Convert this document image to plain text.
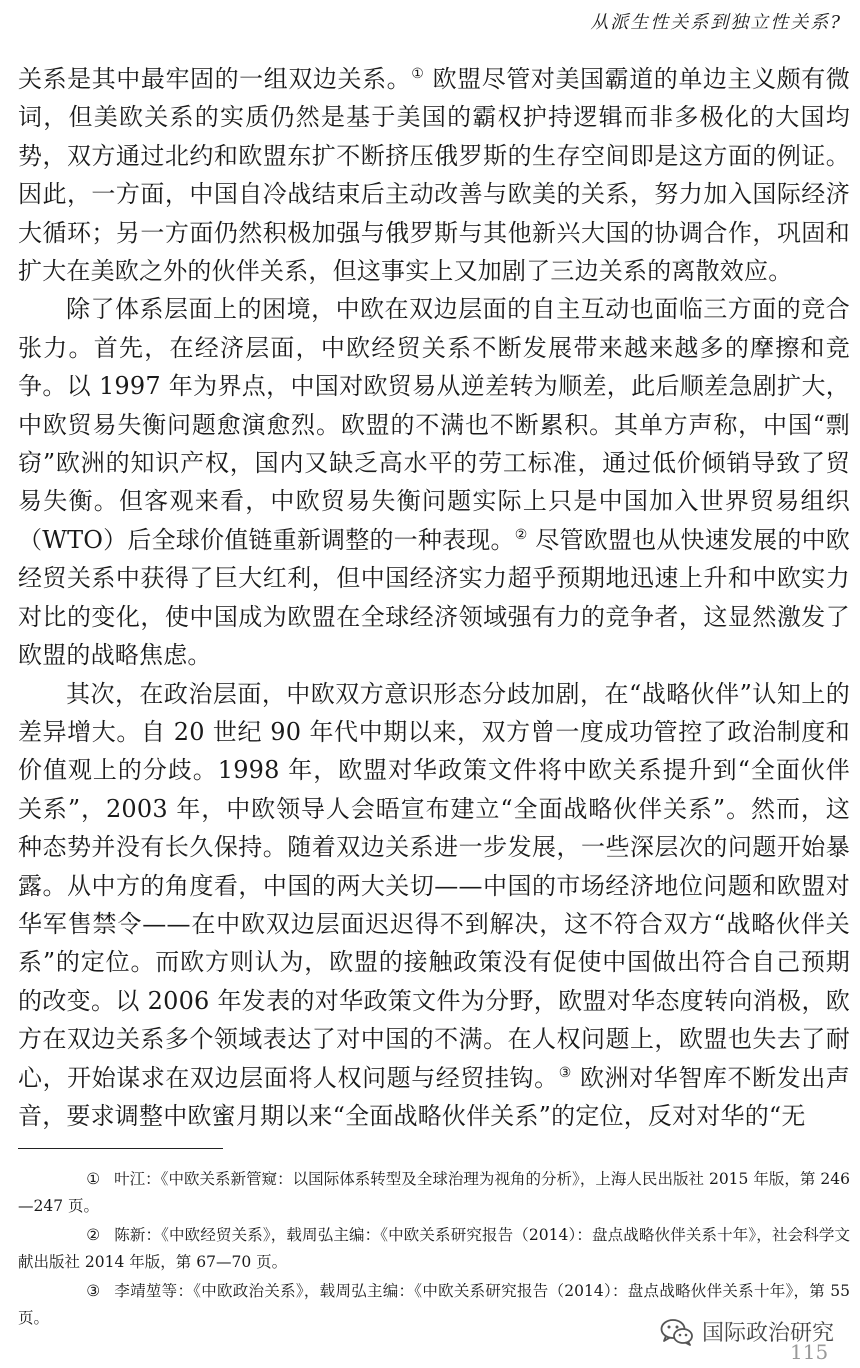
从派生性关系到独立性关系?

关系是其中最牢固的一组双边关系。① 欧盟尽管对美国霸道的单边主义颇有微词，但美欧关系的实质仍然是基于美国的霸权护持逻辑而非多极化的大国均势，双方通过北约和欧盟东扩不断挤压俄罗斯的生存空间即是这方面的例证。因此，一方面，中国自冷战结束后主动改善与欧美的关系，努力加入国际经济大循环；另一方面仍然积极加强与俄罗斯与其他新兴大国的协调合作，巩固和扩大在美欧之外的伙伴关系，但这事实上又加剧了三边关系的离散效应。

除了体系层面上的困境，中欧在双边层面的自主互动也面临三方面的竞合张力。首先，在经济层面，中欧经贸关系不断发展带来越来越多的摩擦和竞争。以 1997 年为界点，中国对欧贸易从逆差转为顺差，此后顺差急剧扩大，中欧贸易失衡问题愈演愈烈。欧盟的不满也不断累积。其单方声称，中国“剽窃”欧洲的知识产权，国内又缺乏高水平的劳工标准，通过低价倾销导致了贸易失衡。但客观来看，中欧贸易失衡问题实际上只是中国加入世界贸易组织（WTO）后全球价值链重新调整的一种表现。② 尽管欧盟也从快速发展的中欧经贸关系中获得了巨大红利，但中国经济实力超乎预期地迅速上升和中欧实力对比的变化，使中国成为欧盟在全球经济领域强有力的竞争者，这显然激发了欧盟的战略焦虑。

其次，在政治层面，中欧双方意识形态分歧加剧，在“战略伙伴”认知上的差异增大。自 20 世纪 90 年代中期以来，双方曾一度成功管控了政治制度和价值观上的分歧。1998 年，欧盟对华政策文件将中欧关系提升到“全面伙伴关系”，2003 年，中欧领导人会晤宣布建立“全面战略伙伴关系”。然而，这种态势并没有长久保持。随着双边关系进一步发展，一些深层次的问题开始暴露。从中方的角度看，中国的两大关切——中国的市场经济地位问题和欧盟对华军售禁令——在中欧双边层面迟迟得不到解决，这不符合双方“战略伙伴关系”的定位。而欧方则认为，欧盟的接触政策没有促使中国做出符合自己预期的改变。以 2006 年发表的对华政策文件为分野，欧盟对华态度转向消极，欧方在双边关系多个领域表达了对中国的不满。在人权问题上，欧盟也失去了耐心，开始谋求在双边层面将人权问题与经贸挂钩。③ 欧洲对华智库不断发出声音，要求调整中欧蜜月期以来“全面战略伙伴关系”的定位，反对对华的“无

① 叶江：《中欧关系新管窥：以国际体系转型及全球治理为视角的分析》，上海人民出版社 2015 年版，第 246—247 页。

② 陈新：《中欧经贸关系》，载周弘主编：《中欧关系研究报告（2014）：盘点战略伙伴关系十年》，社会科学文献出版社 2014 年版，第 67—70 页。

③ 李靖堃等：《中欧政治关系》，载周弘主编：《中欧关系研究报告（2014）：盘点战略伙伴关系十年》，第 55 页。

国际政治研究
115
